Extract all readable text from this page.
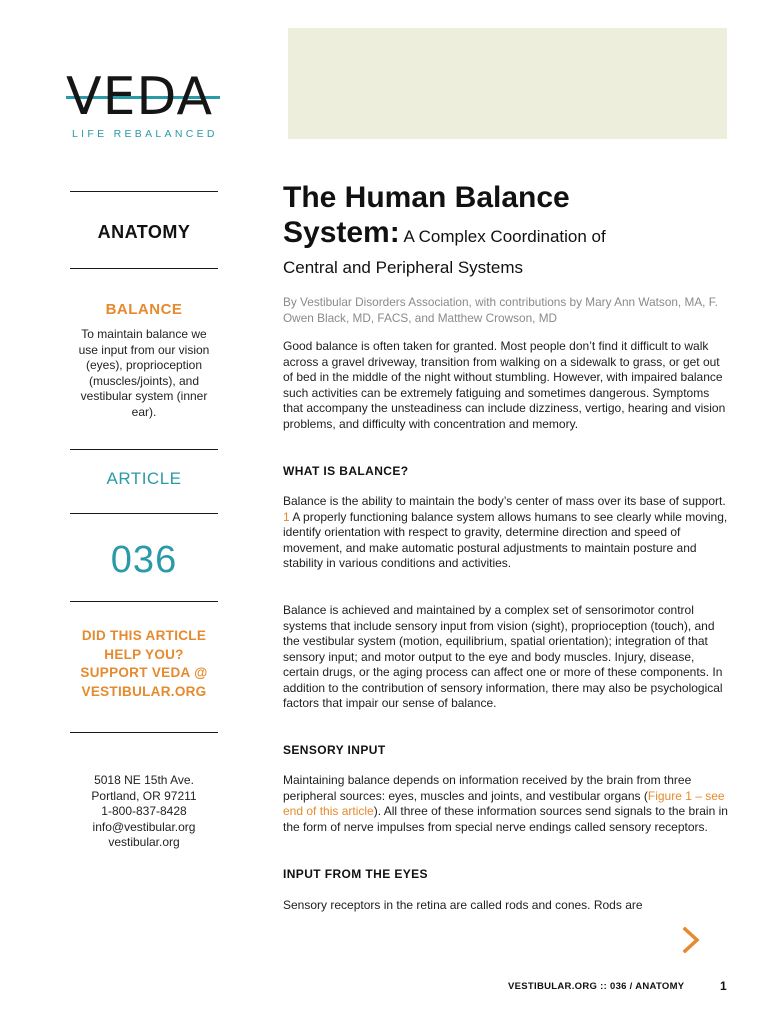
VEDA
LIFE REBALANCED
ANATOMY
BALANCE
To maintain balance we use input from our vision (eyes), proprioception (muscles/joints), and vestibular system (inner ear).
ARTICLE
036
DID THIS ARTICLE HELP YOU? SUPPORT VEDA @ VESTIBULAR.ORG
5018 NE 15th Ave.
Portland, OR 97211
1-800-837-8428
info@vestibular.org
vestibular.org
The Human Balance
System: A Complex Coordination of
Central and Peripheral Systems
By Vestibular Disorders Association, with contributions by Mary Ann Watson, MA, F. Owen Black, MD, FACS, and Matthew Crowson, MD

Good balance is often taken for granted. Most people don’t find it difficult to walk across a gravel driveway, transition from walking on a sidewalk to grass, or get out of bed in the middle of the night without stumbling. However, with impaired balance such activities can be extremely fatiguing and sometimes dangerous. Symptoms that accompany the unsteadiness can include dizziness, vertigo, hearing and vision problems, and difficulty with concentration and memory.

WHAT IS BALANCE?

Balance is the ability to maintain the body’s center of mass over its base of support. 1 A properly functioning balance system allows humans to see clearly while moving, identify orientation with respect to gravity, determine direction and speed of movement, and make automatic postural adjustments to maintain posture and stability in various conditions and activities.

Balance is achieved and maintained by a complex set of sensorimotor control systems that include sensory input from vision (sight), proprioception (touch), and the vestibular system (motion, equilibrium, spatial orientation); integration of that sensory input; and motor output to the eye and body muscles. Injury, disease, certain drugs, or the aging process can affect one or more of these components. In addition to the contribution of sensory information, there may also be psychological factors that impair our sense of balance.

SENSORY INPUT

Maintaining balance depends on information received by the brain from three peripheral sources: eyes, muscles and joints, and vestibular organs (Figure 1 – see end of this article). All three of these information sources send signals to the brain in the form of nerve impulses from special nerve endings called sensory receptors.

INPUT FROM THE EYES

Sensory receptors in the retina are called rods and cones. Rods are

VESTIBULAR.ORG :: 036 / ANATOMY	1
